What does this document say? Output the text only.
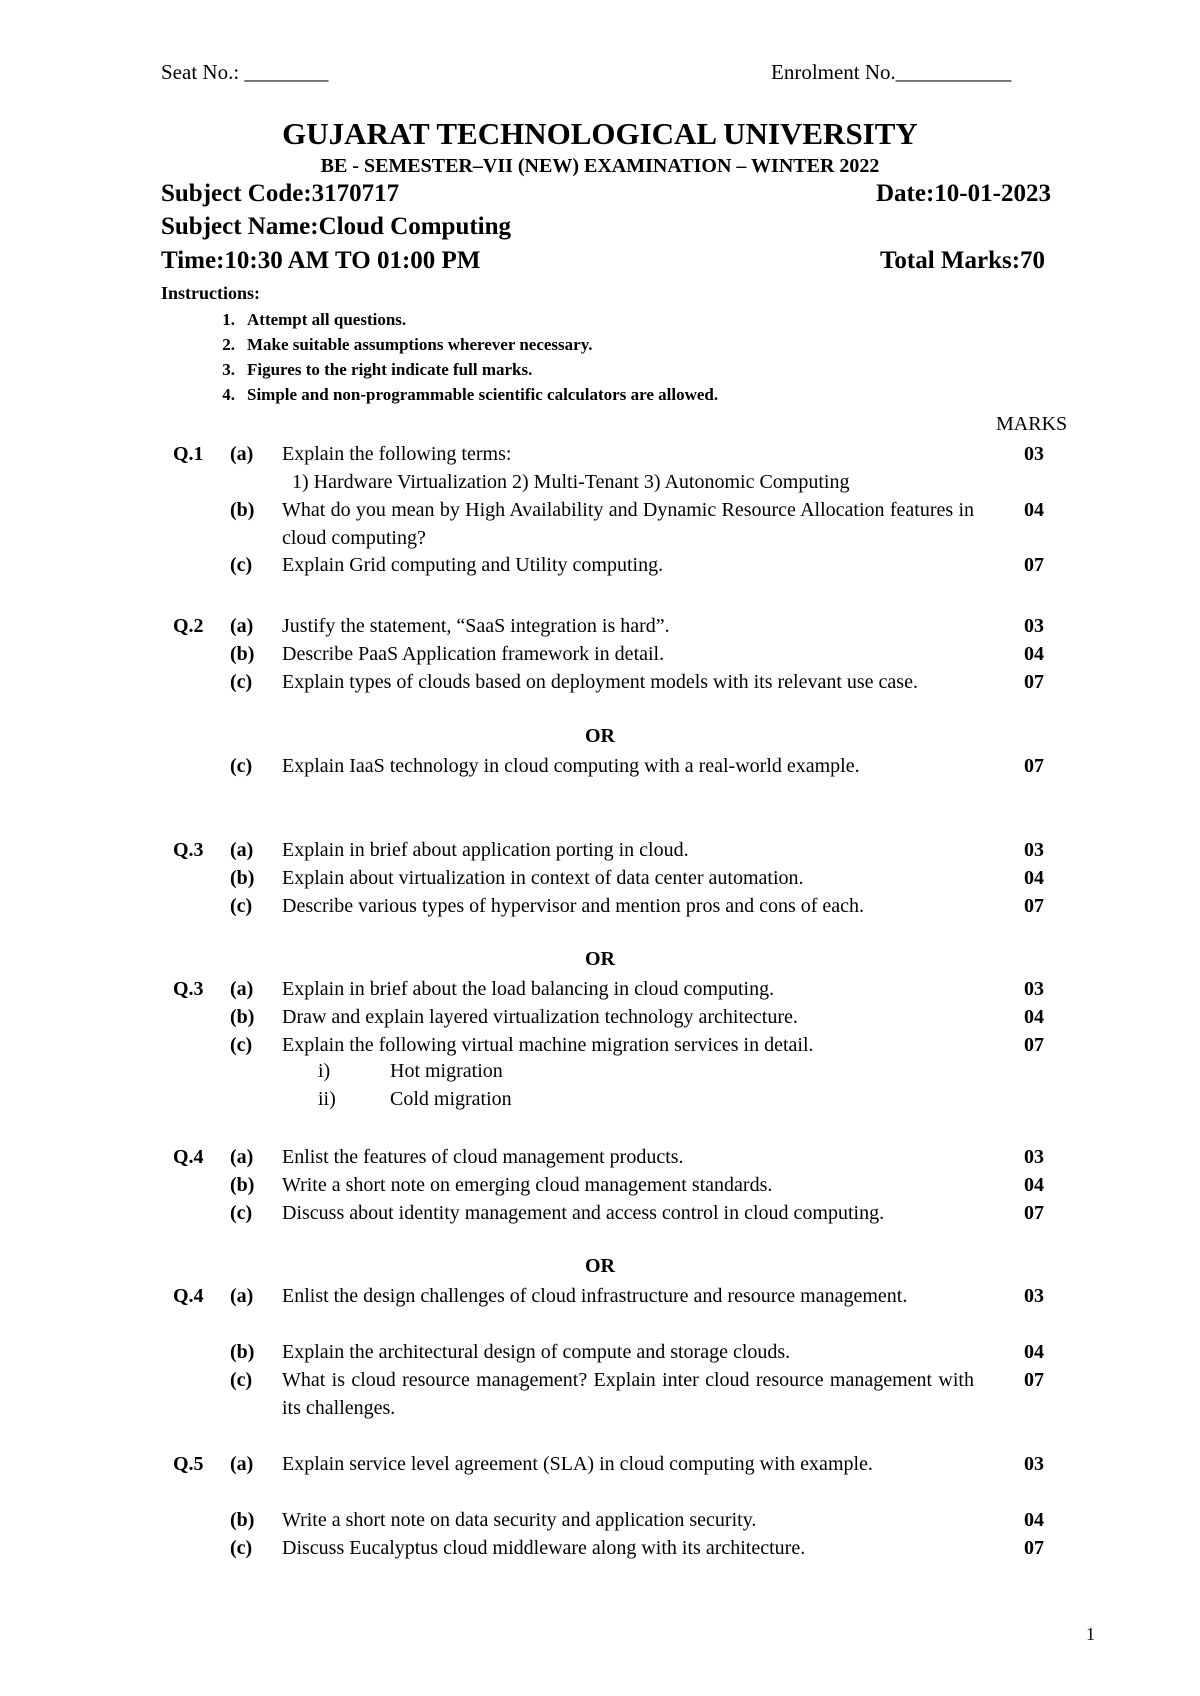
Seat No.: ________	Enrolment No.___________
GUJARAT TECHNOLOGICAL UNIVERSITY
BE - SEMESTER–VII (NEW) EXAMINATION – WINTER 2022
Subject Code:3170717	Date:10-01-2023
Subject Name:Cloud Computing
Time:10:30 AM TO 01:00 PM	Total Marks:70
Instructions:
1. Attempt all questions.
2. Make suitable assumptions wherever necessary.
3. Figures to the right indicate full marks.
4. Simple and non-programmable scientific calculators are allowed.
MARKS
Q.1 (a) Explain the following terms:	03
1) Hardware Virtualization 2) Multi-Tenant 3) Autonomic Computing
(b) What do you mean by High Availability and Dynamic Resource Allocation features in cloud computing?
04
(c) Explain Grid computing and Utility computing.	07
Q.2 (a) Justify the statement, “SaaS integration is hard”.	03
(b) Describe PaaS Application framework in detail.	04
(c) Explain types of clouds based on deployment models with its relevant use case.	07
OR
(c) Explain IaaS technology in cloud computing with a real-world example.	07
Q.3 (a) Explain in brief about application porting in cloud.	03
(b) Explain about virtualization in context of data center automation.	04
(c) Describe various types of hypervisor and mention pros and cons of each.	07
OR
Q.3 (a) Explain in brief about the load balancing in cloud computing.	03
(b) Draw and explain layered virtualization technology architecture.	04
(c) Explain the following virtual machine migration services in detail.	07
i)	Hot migration
ii)	Cold migration
Q.4 (a) Enlist the features of cloud management products.	03
(b) Write a short note on emerging cloud management standards.	04
(c) Discuss about identity management and access control in cloud computing.	07
OR
Q.4 (a) Enlist the design challenges of cloud infrastructure and resource management.	03
(b) Explain the architectural design of compute and storage clouds.	04
(c) What is cloud resource management? Explain inter cloud resource management with its challenges.
07
Q.5 (a) Explain service level agreement (SLA) in cloud computing with example.	03
(b) Write a short note on data security and application security.	04
(c) Discuss Eucalyptus cloud middleware along with its architecture.	07
1
